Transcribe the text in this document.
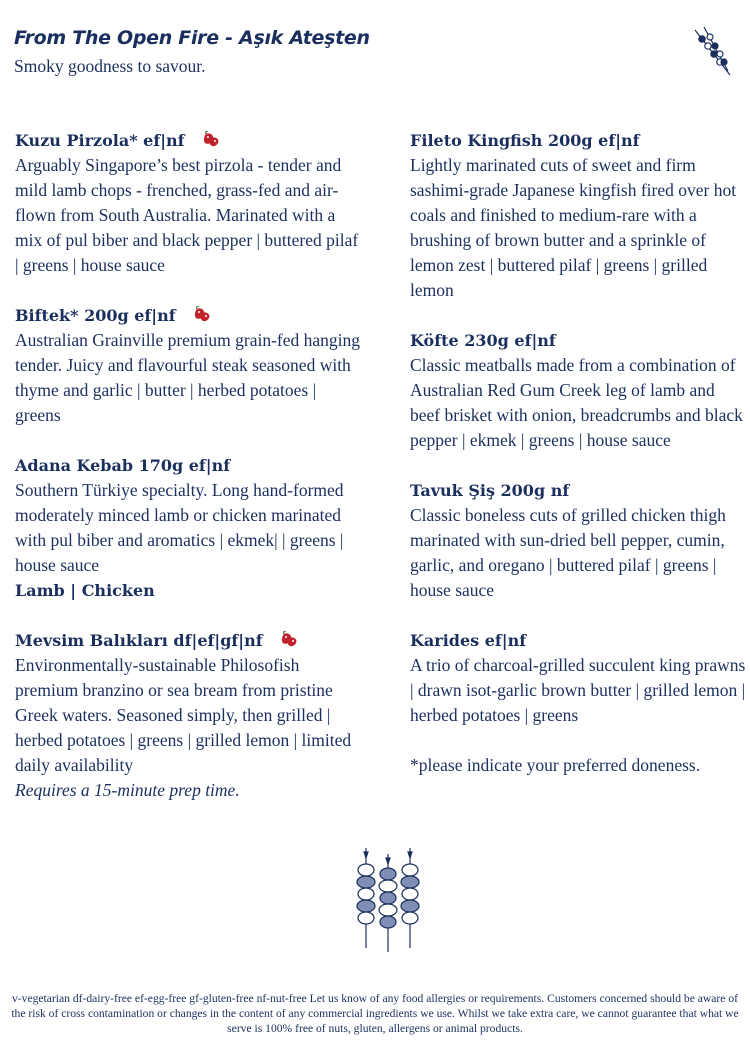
From The Open Fire - Aşık Ateşten
Smoky goodness to savour.
Kuzu Pirzola* ef|nf
Arguably Singapore’s best pirzola - tender and mild lamb chops - frenched, grass-fed and air-flown from South Australia. Marinated with a mix of pul biber and black pepper | buttered pilaf | greens | house sauce
Biftek* 200g ef|nf
Australian Grainville premium grain-fed hanging tender. Juicy and flavourful steak seasoned with thyme and garlic | butter | herbed potatoes | greens
Adana Kebab 170g ef|nf
Southern Türkiye specialty. Long hand-formed moderately minced lamb or chicken marinated with pul biber and aromatics | ekmek| | greens | house sauce
Lamb | Chicken
Mevsim Balıkları df|ef|gf|nf
Environmentally-sustainable Philosofish premium branzino or sea bream from pristine Greek waters. Seasoned simply, then grilled | herbed potatoes | greens | grilled lemon | limited daily availability
Requires a 15-minute prep time.
Fileto Kingfish 200g ef|nf
Lightly marinated cuts of sweet and firm sashimi-grade Japanese kingfish fired over hot coals and finished to medium-rare with a brushing of brown butter and a sprinkle of lemon zest | buttered pilaf | greens | grilled lemon
Köfte 230g ef|nf
Classic meatballs made from a combination of Australian Red Gum Creek leg of lamb and beef brisket with onion, breadcrumbs and black pepper | ekmek | greens | house sauce
Tavuk Şiş 200g nf
Classic boneless cuts of grilled chicken thigh marinated with sun-dried bell pepper, cumin, garlic, and oregano | buttered pilaf | greens | house sauce
Karides ef|nf
A trio of charcoal-grilled succulent king prawns | drawn isot-garlic brown butter | grilled lemon | herbed potatoes | greens
*please indicate your preferred doneness.
v-vegetarian df-dairy-free ef-egg-free gf-gluten-free nf-nut-free Let us know of any food allergies or requirements. Customers concerned should be aware of the risk of cross contamination or changes in the content of any commercial ingredients we use. Whilst we take extra care, we cannot guarantee that what we serve is 100% free of nuts, gluten, allergens or animal products.
